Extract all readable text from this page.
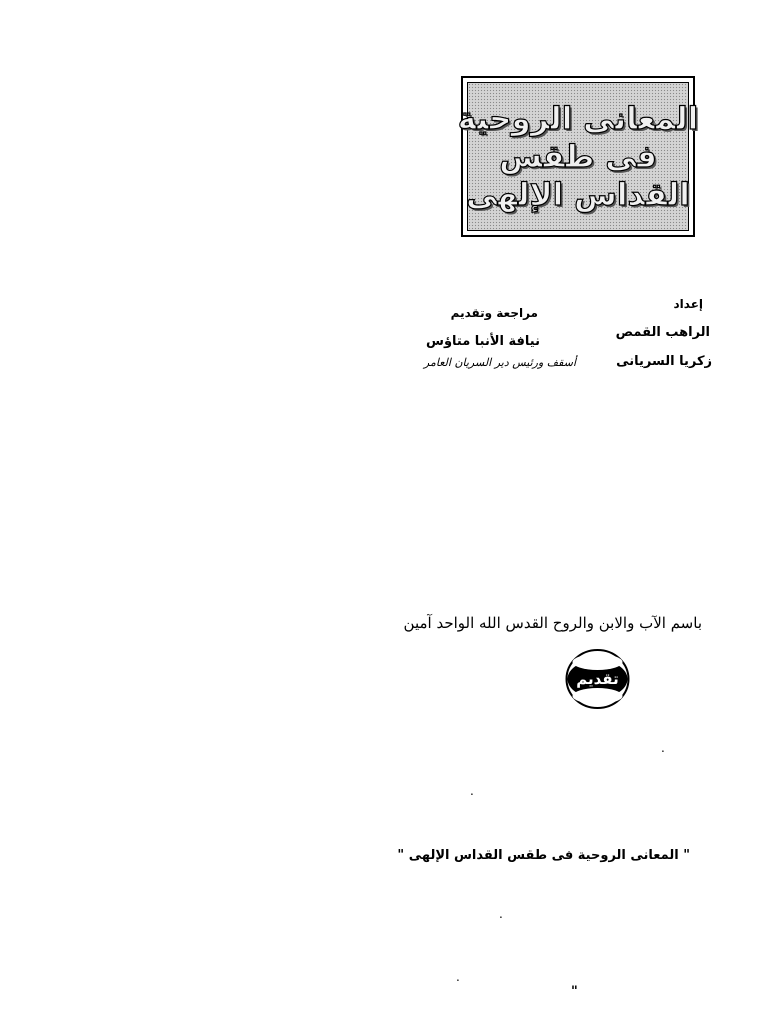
المعانى الروحية
فى طقس
القداس الإلهى
إعداد
الراهب القمص
زكريا السريانى
مراجعة وتقديم
نيافة الأنبا متاؤس
أسقف ورئيس دير السريان العامر
باسم الآب والابن والروح القدس الله الواحد آمين
تقديم
.
.
" المعانى الروحية فى طقس القداس الإلهى "
.
.
"
